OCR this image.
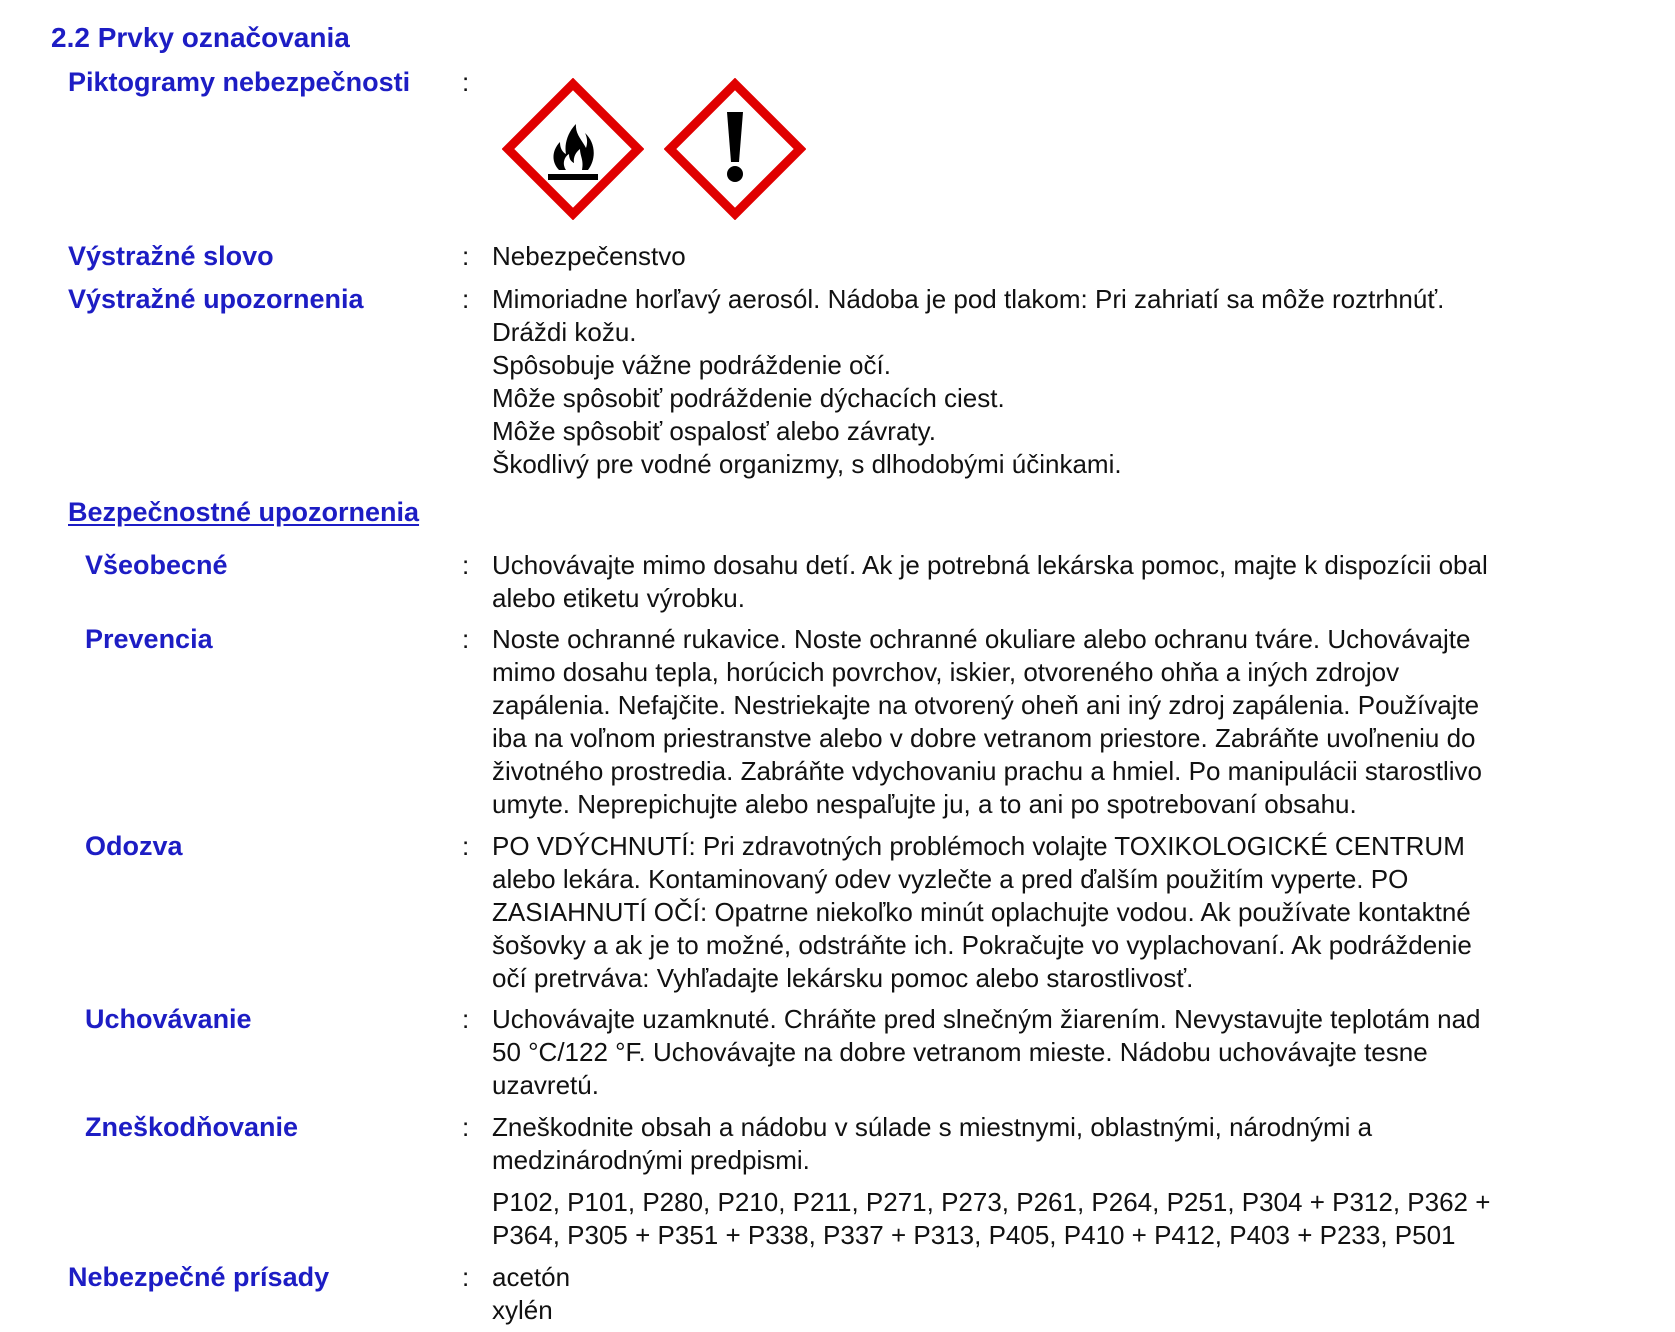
2.2 Prvky označovania
Piktogramy nebezpečnosti :
Výstražné slovo	: Nebezpečenstvo
Výstražné upozornenia	: Mimoriadne horľavý aerosól. Nádoba je pod tlakom: Pri zahriatí sa môže roztrhnúť.
Dráždi kožu.
Spôsobuje vážne podráždenie očí.
Môže spôsobiť podráždenie dýchacích ciest.
Môže spôsobiť ospalosť alebo závraty.
Škodlivý pre vodné organizmy, s dlhodobými účinkami.
Bezpečnostné upozornenia
Všeobecné	: Uchovávajte mimo dosahu detí. Ak je potrebná lekárska pomoc, majte k dispozícii obal
alebo etiketu výrobku.
Prevencia	: Noste ochranné rukavice. Noste ochranné okuliare alebo ochranu tváre. Uchovávajte
mimo dosahu tepla, horúcich povrchov, iskier, otvoreného ohňa a iných zdrojov
zapálenia. Nefajčite. Nestriekajte na otvorený oheň ani iný zdroj zapálenia. Používajte
iba na voľnom priestranstve alebo v dobre vetranom priestore. Zabráňte uvoľneniu do
životného prostredia. Zabráňte vdychovaniu prachu a hmiel. Po manipulácii starostlivo
umyte. Neprepichujte alebo nespaľujte ju, a to ani po spotrebovaní obsahu.
Odozva	: PO VDÝCHNUTÍ: Pri zdravotných problémoch volajte TOXIKOLOGICKÉ CENTRUM
alebo lekára. Kontaminovaný odev vyzlečte a pred ďalším použitím vyperte. PO
ZASIAHNUTÍ OČÍ: Opatrne niekoľko minút oplachujte vodou. Ak používate kontaktné
šošovky a ak je to možné, odstráňte ich. Pokračujte vo vyplachovaní. Ak podráždenie
očí pretrváva: Vyhľadajte lekársku pomoc alebo starostlivosť.
Uchovávanie	: Uchovávajte uzamknuté. Chráňte pred slnečným žiarením. Nevystavujte teplotám nad
50 °C/122 °F. Uchovávajte na dobre vetranom mieste. Nádobu uchovávajte tesne
uzavretú.
Zneškodňovanie	: Zneškodnite obsah a nádobu v súlade s miestnymi, oblastnými, národnými a
medzinárodnými predpismi.
P102, P101, P280, P210, P211, P271, P273, P261, P264, P251, P304 + P312, P362 +
P364, P305 + P351 + P338, P337 + P313, P405, P410 + P412, P403 + P233, P501
Nebezpečné prísady	: acetón
xylén
